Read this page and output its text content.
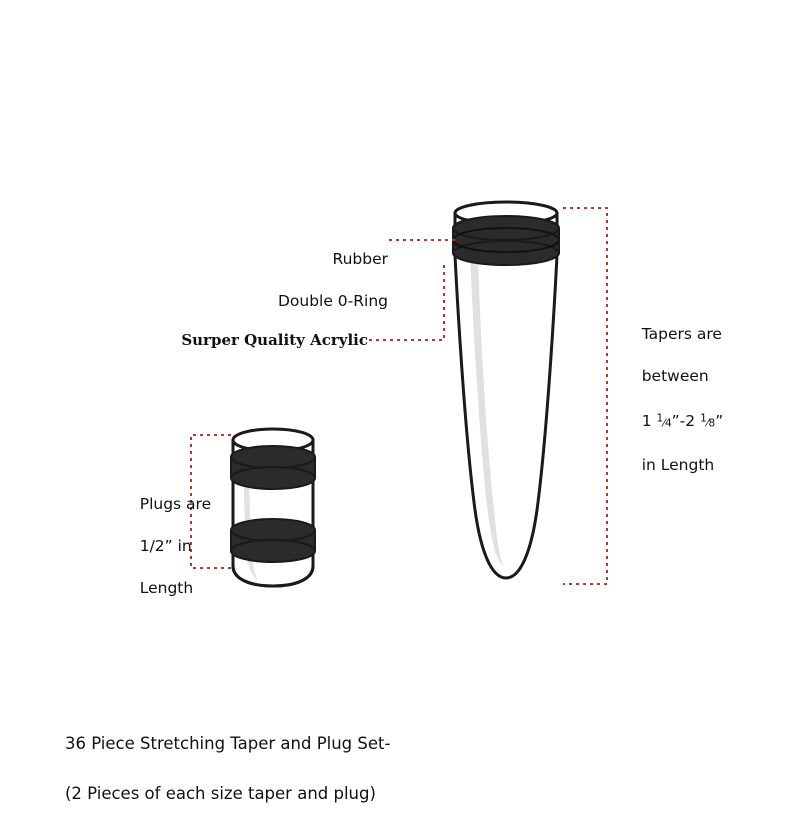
Rubber

Double 0-Ring

Surper Quality Acrylic	Tapers are

between

1 $^1$⁄4”-2 $^1$⁄8”

in Length

Plugs are

1/2” in

Length

36 Piece Stretching Taper and Plug Set-

(2 Pieces of each size taper and plug)
